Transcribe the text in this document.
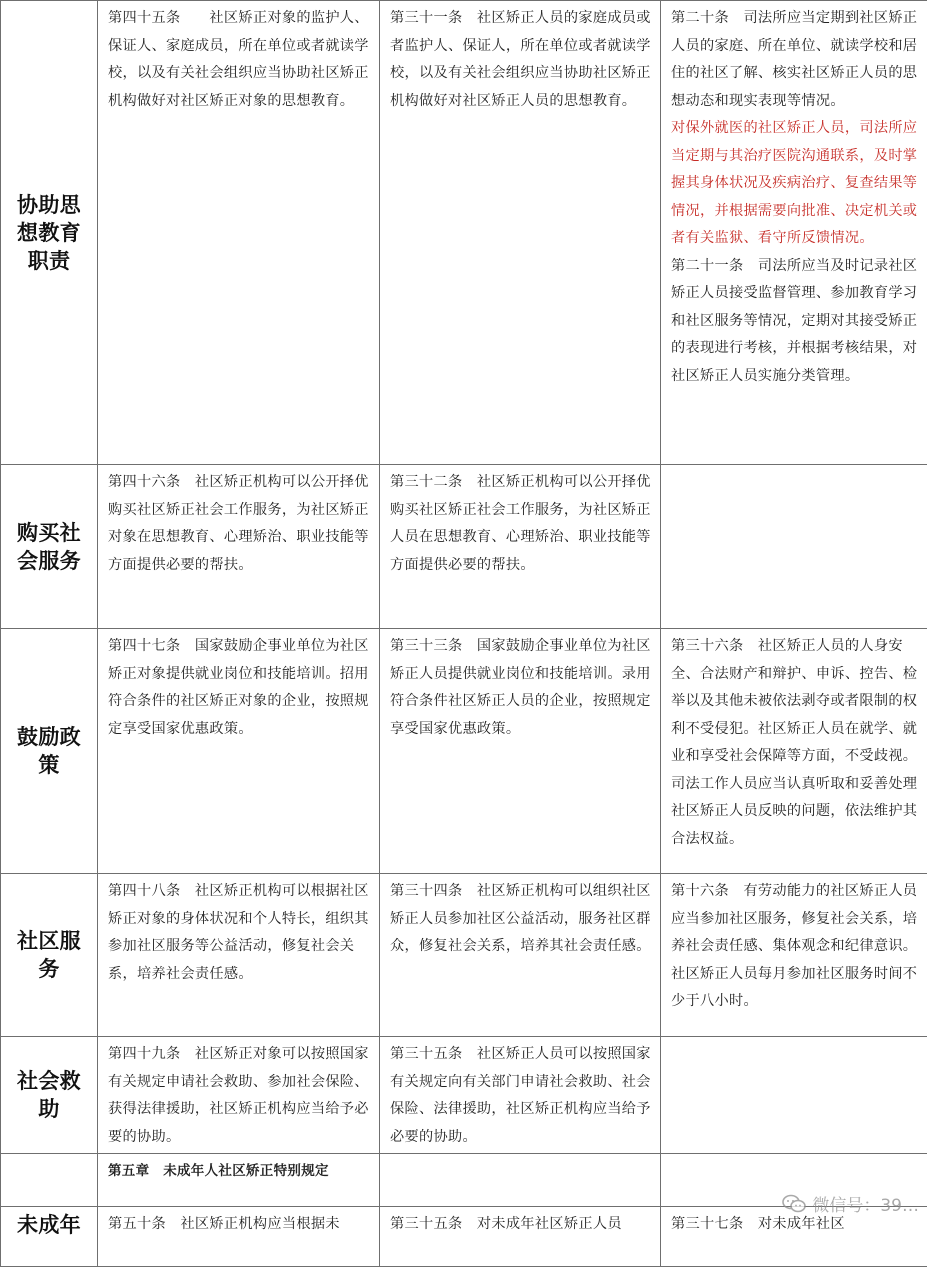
协助思想教育职责	第四十五条　　社区矫正对象的监护人、保证人、家庭成员，所在单位或者就读学校，以及有关社会组织应当协助社区矫正机构做好对社区矫正对象的思想教育。	第三十一条　社区矫正人员的家庭成员或者监护人、保证人，所在单位或者就读学校，以及有关社会组织应当协助社区矫正机构做好对社区矫正人员的思想教育。	第二十条　司法所应当定期到社区矫正人员的家庭、所在单位、就读学校和居住的社区了解、核实社区矫正人员的思想动态和现实表现等情况。
对保外就医的社区矫正人员，司法所应当定期与其治疗医院沟通联系，及时掌握其身体状况及疾病治疗、复查结果等情况，并根据需要向批准、决定机关或者有关监狱、看守所反馈情况。
第二十一条　司法所应当及时记录社区矫正人员接受监督管理、参加教育学习和社区服务等情况，定期对其接受矫正的表现进行考核，并根据考核结果，对社区矫正人员实施分类管理。

购买社会服务	第四十六条　社区矫正机构可以公开择优购买社区矫正社会工作服务，为社区矫正对象在思想教育、心理矫治、职业技能等方面提供必要的帮扶。	第三十二条　社区矫正机构可以公开择优购买社区矫正社会工作服务，为社区矫正人员在思想教育、心理矫治、职业技能等方面提供必要的帮扶。	

鼓励政策	第四十七条　国家鼓励企事业单位为社区矫正对象提供就业岗位和技能培训。招用符合条件的社区矫正对象的企业，按照规定享受国家优惠政策。	第三十三条　国家鼓励企事业单位为社区矫正人员提供就业岗位和技能培训。录用符合条件社区矫正人员的企业，按照规定享受国家优惠政策。	第三十六条　社区矫正人员的人身安全、合法财产和辩护、申诉、控告、检举以及其他未被依法剥夺或者限制的权利不受侵犯。社区矫正人员在就学、就业和享受社会保障等方面，不受歧视。
司法工作人员应当认真听取和妥善处理社区矫正人员反映的问题，依法维护其合法权益。

社区服务	第四十八条　社区矫正机构可以根据社区矫正对象的身体状况和个人特长，组织其参加社区服务等公益活动，修复社会关系，培养社会责任感。	第三十四条　社区矫正机构可以组织社区矫正人员参加社区公益活动，服务社区群众，修复社会关系，培养其社会责任感。	第十六条　有劳动能力的社区矫正人员应当参加社区服务，修复社会关系，培养社会责任感、集体观念和纪律意识。社区矫正人员每月参加社区服务时间不少于八小时。

社会救助	第四十九条　社区矫正对象可以按照国家有关规定申请社会救助、参加社会保险、获得法律援助，社区矫正机构应当给予必要的协助。	第三十五条　社区矫正人员可以按照国家有关规定向有关部门申请社会救助、社会保险、法律援助，社区矫正机构应当给予必要的协助。	

	第五章　未成年人社区矫正特别规定		

未成年	第五十条　社区矫正机构应当根据未	第三十五条　对未成年社区矫正人员	第三十七条　对未成年社区
微信号：39…
